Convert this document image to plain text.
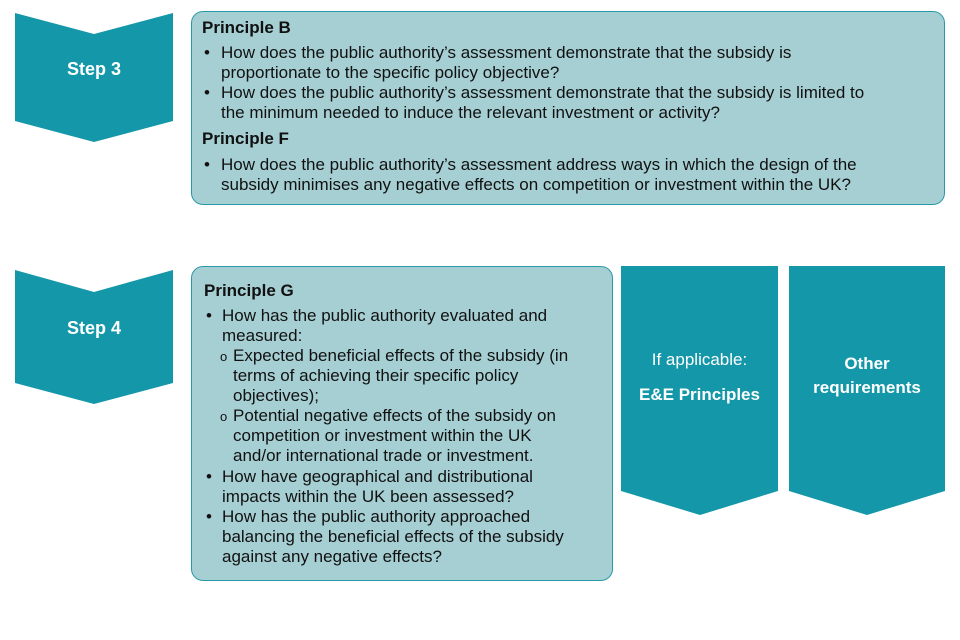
Step 3
Principle B
• How does the public authority’s assessment demonstrate that the subsidy is
proportionate to the specific policy objective?
• How does the public authority’s assessment demonstrate that the subsidy is limited to
the minimum needed to induce the relevant investment or activity?
Principle F
• How does the public authority’s assessment address ways in which the design of the
subsidy minimises any negative effects on competition or investment within the UK?
Step 4
Principle G
• How has the public authority evaluated and
measured:
o Expected beneficial effects of the subsidy (in
terms of achieving their specific policy
objectives);
o Potential negative effects of the subsidy on
competition or investment within the UK
and/or international trade or investment.
• How have geographical and distributional
impacts within the UK been assessed?
• How has the public authority approached
balancing the beneficial effects of the subsidy
against any negative effects?
If applicable:
E&E Principles
Other
requirements
